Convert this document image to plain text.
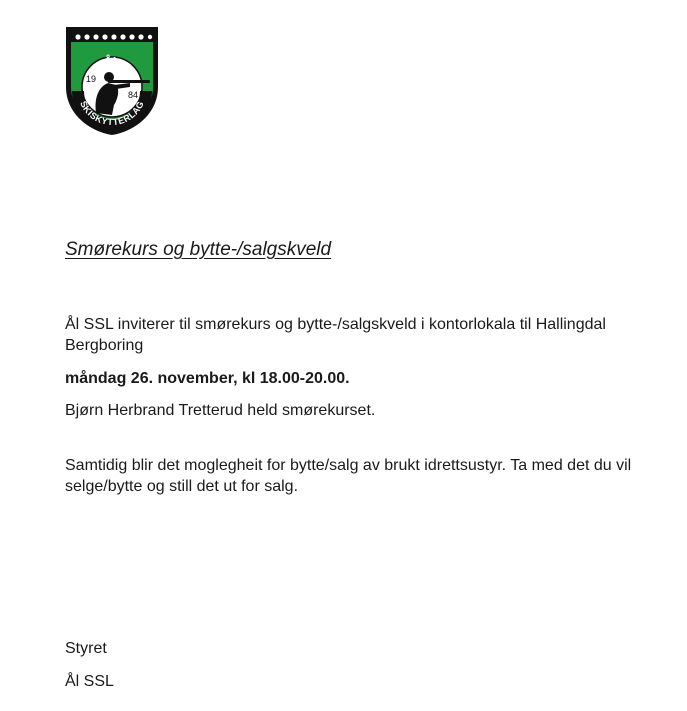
SKISKYTTERLAG
ÅL
19
84
Smørekurs og bytte-/salgskveld

Ål SSL inviterer til smørekurs og bytte-/salgskveld i kontorlokala til Hallingdal Bergboring

måndag 26. november, kl 18.00-20.00.

Bjørn Herbrand Tretterud held smørekurset.

Samtidig blir det moglegheit for bytte/salg av brukt idrettsustyr. Ta med det du vil selge/bytte og still det ut for salg.

Styret

Ål SSL
